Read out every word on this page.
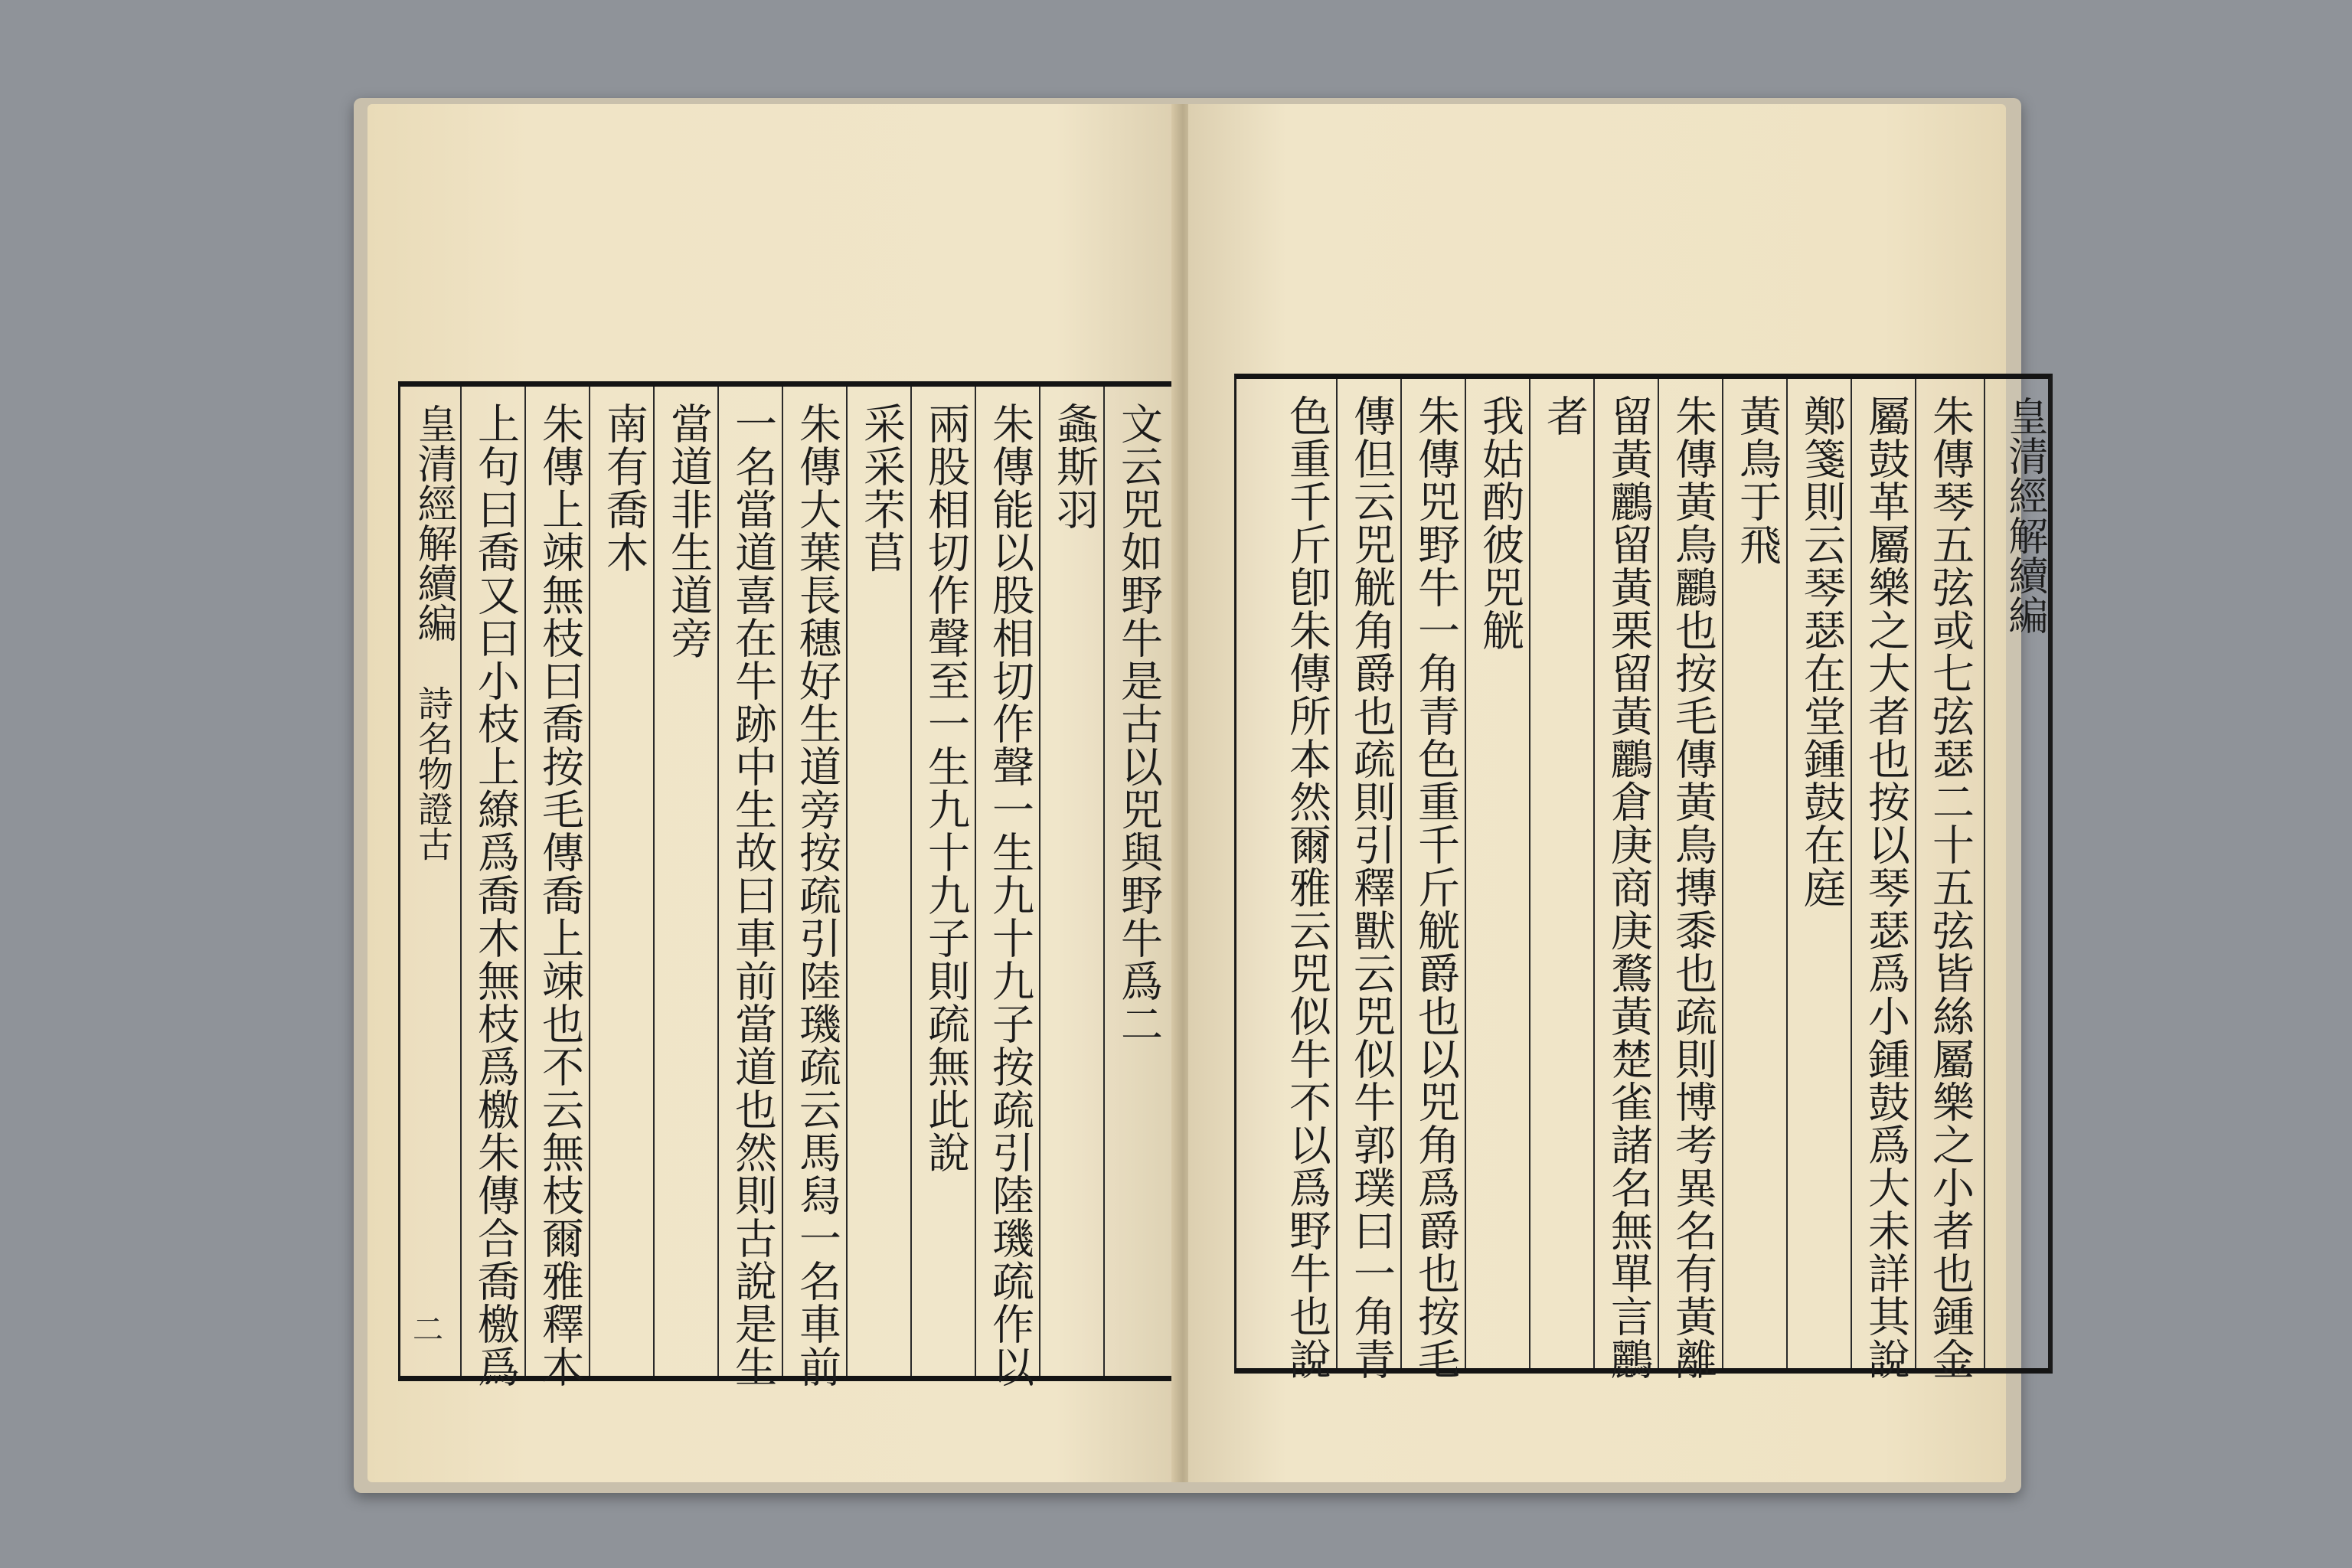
文云兕如野牛是古以兕與野牛爲二
螽斯羽
朱傳能以股相切作聲一生九十九子按疏引陸璣疏作以
兩股相切作聲至一生九十九子則疏無此說
采采芣苢
朱傳大葉長穗好生道旁按疏引陸璣疏云馬舄一名車前
一名當道喜在牛跡中生故曰車前當道也然則古說是生
當道非生道旁
南有喬木
朱傳上竦無枝曰喬按毛傳喬上竦也不云無枝爾雅釋木
上句曰喬又曰小枝上繚爲喬木無枝爲檄朱傳合喬檄爲
皇清經解續編
詩名物證古
二
皇清經解續編
朱傳琴五弦或七弦瑟二十五弦皆絲屬樂之小者也鍾金
屬鼓革屬樂之大者也按以琴瑟爲小鍾鼓爲大未詳其說
鄭箋則云琴瑟在堂鍾鼓在庭
黃鳥于飛
朱傳黃鳥鸝也按毛傳黃鳥摶黍也疏則博考異名有黃離
留黃鸝留黃栗留黃鸝倉庚商庚鶩黃楚雀諸名無單言鸝
者
我姑酌彼兕觥
朱傳兕野牛一角青色重千斤觥爵也以兕角爲爵也按毛
傳但云兕觥角爵也疏則引釋獸云兕似牛郭璞曰一角青
色重千斤卽朱傳所本然爾雅云兕似牛不以爲野牛也說
